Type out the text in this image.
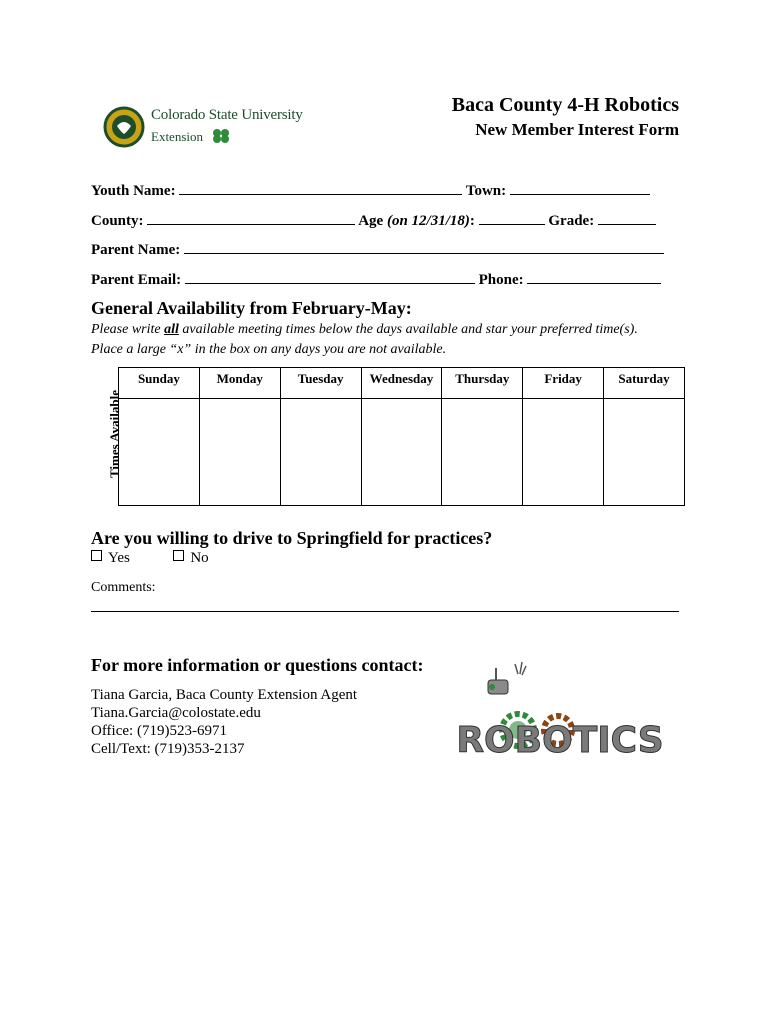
Colorado State University
Extension
Baca County 4-H Robotics
New Member Interest Form
Youth Name:	Town:
County:	Age (on 12/31/18):	Grade:
Parent Name:
Parent Email:	Phone:
General Availability from February-May:
Please write all available meeting times below the days available and star your preferred time(s). Place a large “x” in the box on any days you are not available.
Times Available
Sunday	Monday	Tuesday	Wednesday	Thursday	Friday	Saturday

Are you willing to drive to Springfield for practices?
Yes	No
Comments:
For more information or questions contact:
Tiana Garcia, Baca County Extension Agent
Tiana.Garcia@colostate.edu
Office: (719)523-6971
Cell/Text: (719)353-2137	ROBOTICS
